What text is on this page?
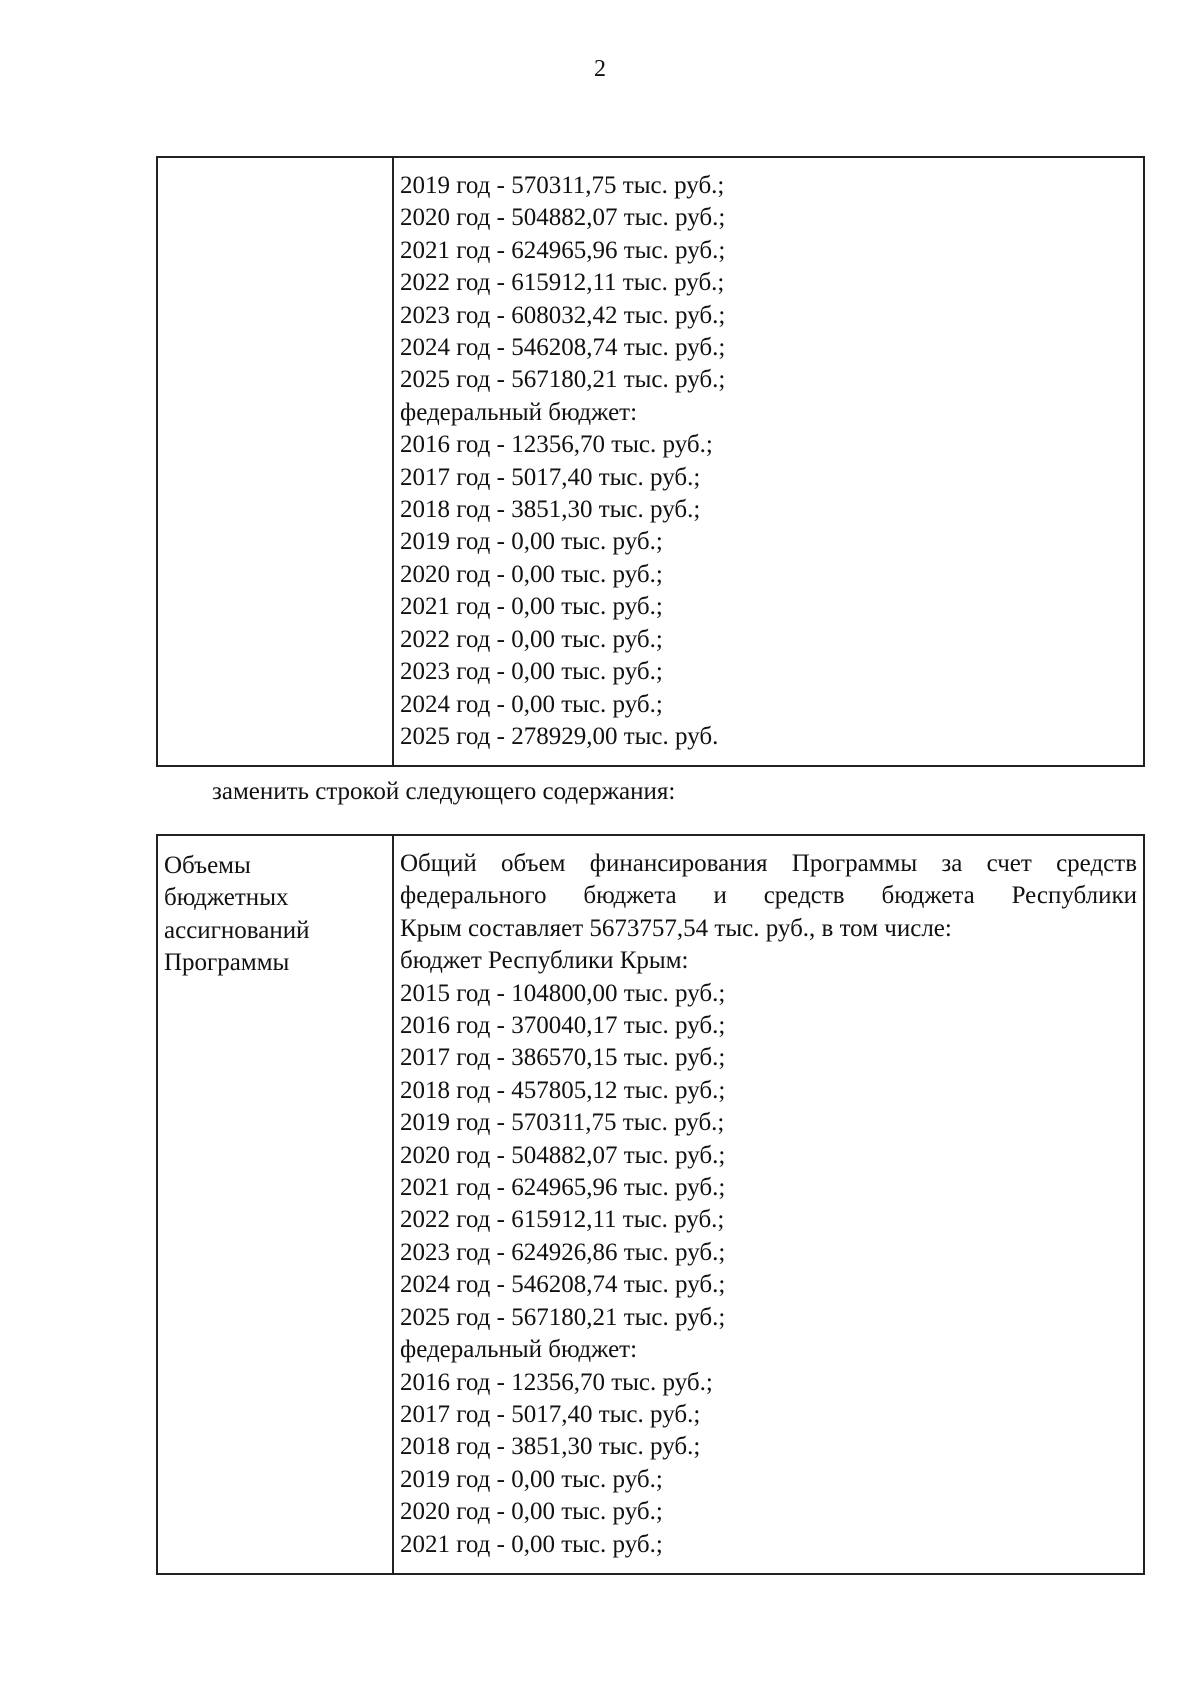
2

2019 год - 570311,75 тыс. руб.;
2020 год - 504882,07 тыс. руб.;
2021 год - 624965,96 тыс. руб.;
2022 год - 615912,11 тыс. руб.;
2023 год - 608032,42 тыс. руб.;
2024 год - 546208,74 тыс. руб.;
2025 год - 567180,21 тыс. руб.;
федеральный бюджет:
2016 год - 12356,70 тыс. руб.;
2017 год - 5017,40 тыс. руб.;
2018 год - 3851,30 тыс. руб.;
2019 год - 0,00 тыс. руб.;
2020 год - 0,00 тыс. руб.;
2021 год - 0,00 тыс. руб.;
2022 год - 0,00 тыс. руб.;
2023 год - 0,00 тыс. руб.;
2024 год - 0,00 тыс. руб.;
2025 год - 278929,00 тыс. руб.
заменить строкой следующего содержания:
Объемы
бюджетных
ассигнований
Программы

Общий объем финансирования Программы за счет средств
федерального бюджета и средств бюджета Республики
Крым составляет 5673757,54 тыс. руб., в том числе:
бюджет Республики Крым:
2015 год - 104800,00 тыс. руб.;
2016 год - 370040,17 тыс. руб.;
2017 год - 386570,15 тыс. руб.;
2018 год - 457805,12 тыс. руб.;
2019 год - 570311,75 тыс. руб.;
2020 год - 504882,07 тыс. руб.;
2021 год - 624965,96 тыс. руб.;
2022 год - 615912,11 тыс. руб.;
2023 год - 624926,86 тыс. руб.;
2024 год - 546208,74 тыс. руб.;
2025 год - 567180,21 тыс. руб.;
федеральный бюджет:
2016 год - 12356,70 тыс. руб.;
2017 год - 5017,40 тыс. руб.;
2018 год - 3851,30 тыс. руб.;
2019 год - 0,00 тыс. руб.;
2020 год - 0,00 тыс. руб.;
2021 год - 0,00 тыс. руб.;
